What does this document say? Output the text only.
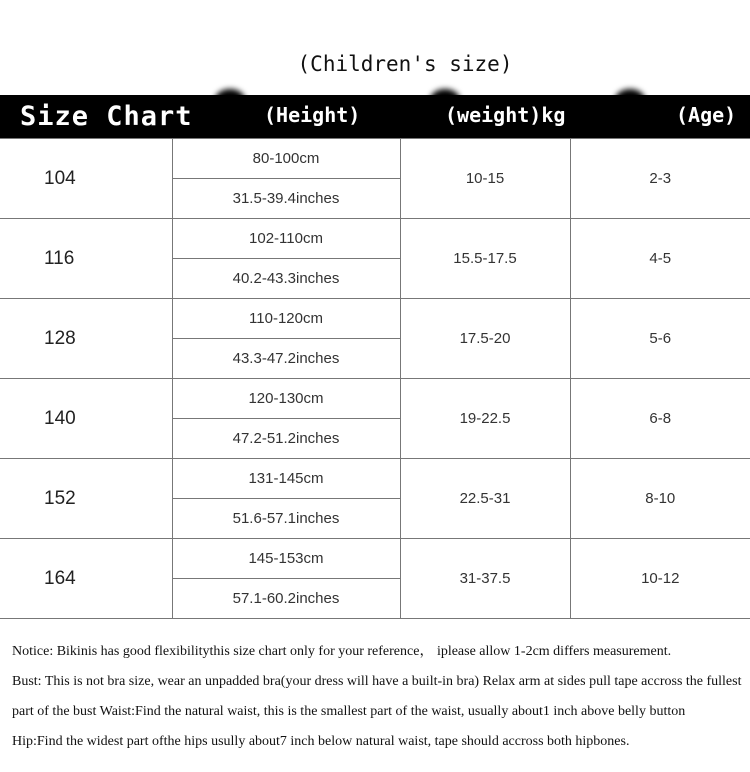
(Children's size)
Size Chart	(Height)	(weight)kg	(Age)
104	80-100cm	10-15	2-3
	31.5-39.4inches		
116	102-110cm	15.5-17.5	4-5
	40.2-43.3inches		
128	110-120cm	17.5-20	5-6
	43.3-47.2inches		
140	120-130cm	19-22.5	6-8
	47.2-51.2inches		
152	131-145cm	22.5-31	8-10
	51.6-57.1inches		
164	145-153cm	31-37.5	10-12
	57.1-60.2inches		

Notice: Bikinis has good flexibilitythis size chart only for your reference， iplease allow 1-2cm differs measurement.

Bust: This is not bra size, wear an unpadded bra(your dress will have a built-in bra) Relax arm at sides pull tape accross the fullest

part of the bust Waist:Find the natural waist, this is the smallest part of the waist, usually about1 inch above belly button

Hip:Find the widest part ofthe hips usully about7 inch below natural waist, tape should accross both hipbones.
